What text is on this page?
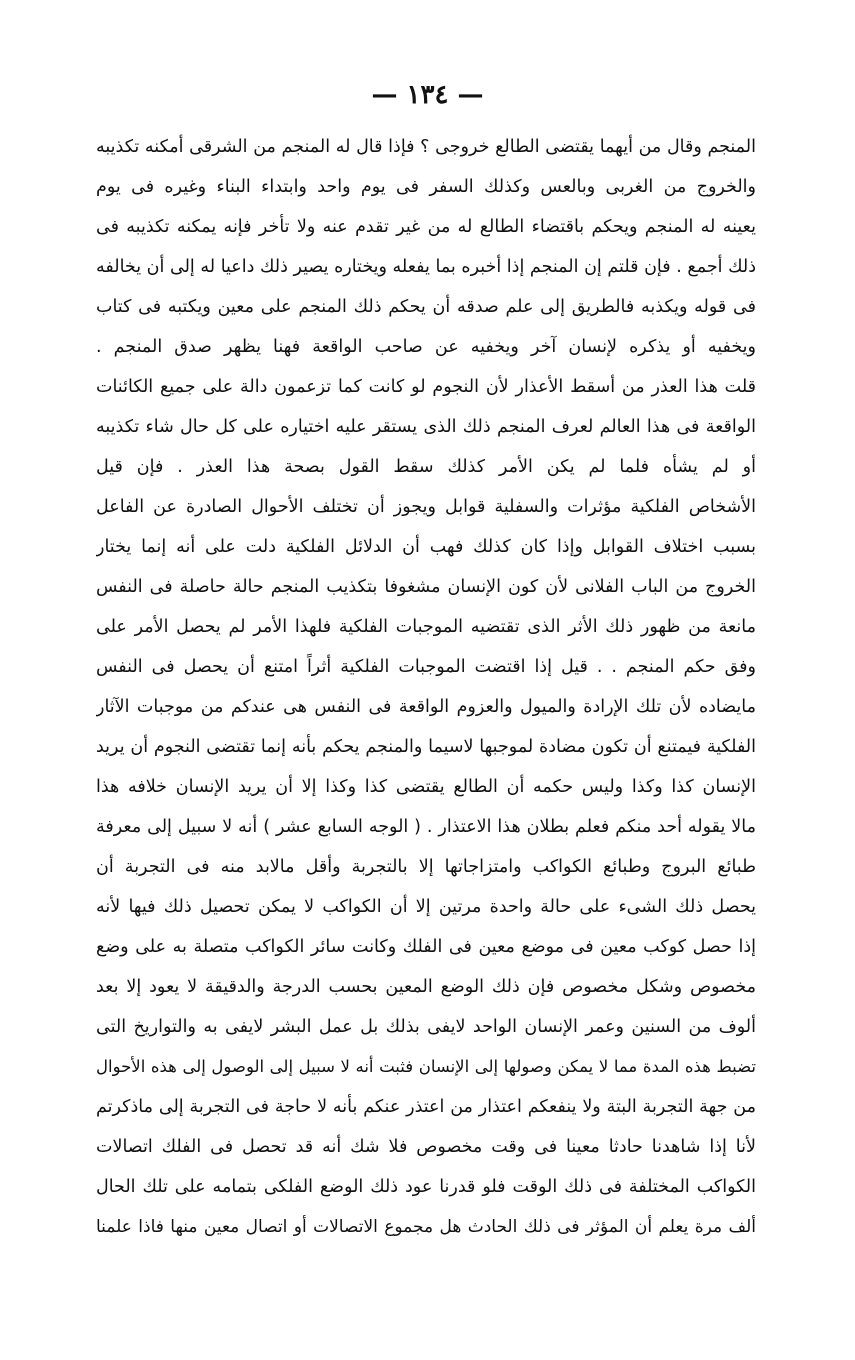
— ١٣٤ —
المنجم وقال من أيهما يقتضى الطالع خروجى ؟ فإذا قال له المنجم من الشرقى أمكنه تكذيبه
والخروج من الغربى وبالعس وكذلك السفر فى يوم واحد وابتداء البناء وغيره فى يوم
يعينه له المنجم ويحكم باقتضاء الطالع له من غير تقدم عنه ولا تأخر فإنه يمكنه تكذيبه فى
ذلك أجمع . فإن قلتم إن المنجم إذا أخبره بما يفعله ويختاره يصير ذلك داعيا له إلى أن يخالفه
فى قوله ويكذبه فالطريق إلى علم صدقه أن يحكم ذلك المنجم على معين ويكتبه فى كتاب
ويخفيه أو يذكره لإنسان آخر ويخفيه عن صاحب الواقعة فهنا يظهر صدق المنجم .
قلت هذا العذر من أسقط الأعذار لأن النجوم لو كانت كما تزعمون دالة على جميع الكائنات
الواقعة فى هذا العالم لعرف المنجم ذلك الذى يستقر عليه اختياره على كل حال شاء تكذيبه
أو لم يشأه فلما لم يكن الأمر كذلك سقط القول بصحة هذا العذر . فإن قيل
الأشخاص الفلكية مؤثرات والسفلية قوابل ويجوز أن تختلف الأحوال الصادرة عن الفاعل
بسبب اختلاف القوابل وإذا كان كذلك فهب أن الدلائل الفلكية دلت على أنه إنما يختار
الخروج من الباب الفلانى لأن كون الإنسان مشغوفا بتكذيب المنجم حالة حاصلة فى النفس
مانعة من ظهور ذلك الأثر الذى تقتضيه الموجبات الفلكية فلهذا الأمر لم يحصل الأمر على
وفق حكم المنجم . . قيل إذا اقتضت الموجبات الفلكية أثراً امتنع أن يحصل فى النفس
مايضاده لأن تلك الإرادة والميول والعزوم الواقعة فى النفس هى عندكم من موجبات الآثار
الفلكية فيمتنع أن تكون مضادة لموجبها لاسيما والمنجم يحكم بأنه إنما تقتضى النجوم أن يريد
الإنسان كذا وكذا وليس حكمه أن الطالع يقتضى كذا وكذا إلا أن يريد الإنسان خلافه هذا
مالا يقوله أحد منكم فعلم بطلان هذا الاعتذار . ( الوجه السابع عشر ) أنه لا سبيل إلى معرفة
طبائع البروج وطبائع الكواكب وامتزاجاتها إلا بالتجربة وأقل مالابد منه فى التجربة أن
يحصل ذلك الشىء على حالة واحدة مرتين إلا أن الكواكب لا يمكن تحصيل ذلك فيها لأنه
إذا حصل كوكب معين فى موضع معين فى الفلك وكانت سائر الكواكب متصلة به على وضع
مخصوص وشكل مخصوص فإن ذلك الوضع المعين بحسب الدرجة والدقيقة لا يعود إلا بعد
ألوف من السنين وعمر الإنسان الواحد لايفى بذلك بل عمل البشر لايفى به والتواريخ التى
تضبط هذه المدة مما لا يمكن وصولها إلى الإنسان فثبت أنه لا سبيل إلى الوصول إلى هذه الأحوال
من جهة التجربة البتة ولا ينفعكم اعتذار من اعتذر عنكم بأنه لا حاجة فى التجربة إلى ماذكرتم
لأنا إذا شاهدنا حادثا معينا فى وقت مخصوص فلا شك أنه قد تحصل فى الفلك اتصالات
الكواكب المختلفة فى ذلك الوقت فلو قدرنا عود ذلك الوضع الفلكى بتمامه على تلك الحال
ألف مرة يعلم أن المؤثر فى ذلك الحادث هل مجموع الاتصالات أو اتصال معين منها فاذا علمنا
